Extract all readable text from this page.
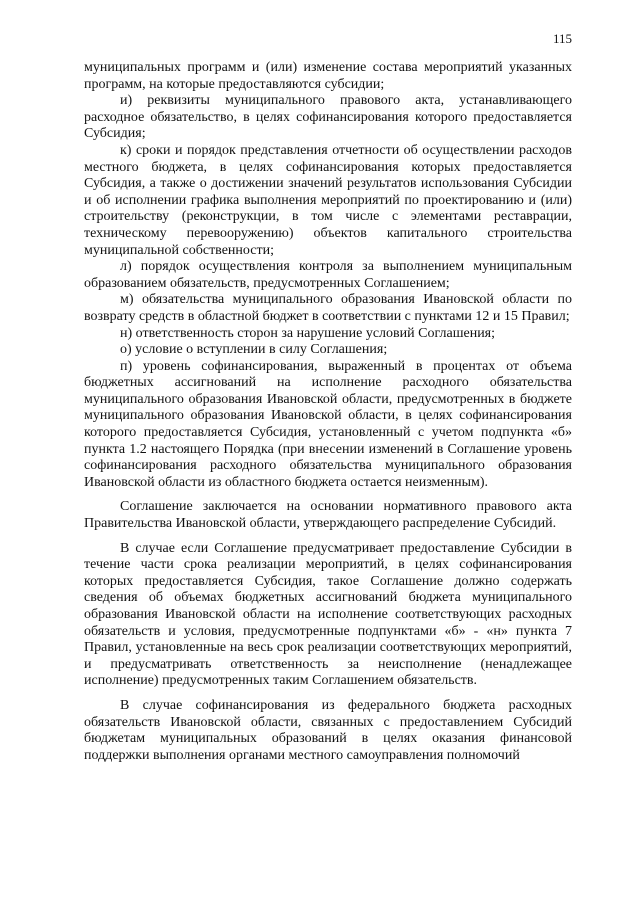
115

муниципальных программ и (или) изменение состава мероприятий указанных программ, на которые предоставляются субсидии;

и) реквизиты муниципального правового акта, устанавливающего расходное обязательство, в целях софинансирования которого предоставляется Субсидия;

к) сроки и порядок представления отчетности об осуществлении расходов местного бюджета, в целях софинансирования которых предоставляется Субсидия, а также о достижении значений результатов использования Субсидии и об исполнении графика выполнения мероприятий по проектированию и (или) строительству (реконструкции, в том числе с элементами реставрации, техническому перевооружению) объектов капитального строительства муниципальной собственности;

л) порядок осуществления контроля за выполнением муниципальным образованием обязательств, предусмотренных Соглашением;

м) обязательства муниципального образования Ивановской области по возврату средств в областной бюджет в соответствии с пунктами 12 и 15 Правил;

н) ответственность сторон за нарушение условий Соглашения;

о) условие о вступлении в силу Соглашения;

п) уровень софинансирования, выраженный в процентах от объема бюджетных ассигнований на исполнение расходного обязательства муниципального образования Ивановской области, предусмотренных в бюджете муниципального образования Ивановской области, в целях софинансирования которого предоставляется Субсидия, установленный с учетом подпункта «б» пункта 1.2 настоящего Порядка (при внесении изменений в Соглашение уровень софинансирования расходного обязательства муниципального образования Ивановской области из областного бюджета остается неизменным).

Соглашение заключается на основании нормативного правового акта Правительства Ивановской области, утверждающего распределение Субсидий.

В случае если Соглашение предусматривает предоставление Субсидии в течение части срока реализации мероприятий, в целях софинансирования которых предоставляется Субсидия, такое Соглашение должно содержать сведения об объемах бюджетных ассигнований бюджета муниципального образования Ивановской области на исполнение соответствующих расходных обязательств и условия, предусмотренные подпунктами «б» - «н» пункта 7 Правил, установленные на весь срок реализации соответствующих мероприятий, и предусматривать ответственность за неисполнение (ненадлежащее исполнение) предусмотренных таким Соглашением обязательств.

В случае софинансирования из федерального бюджета расходных обязательств Ивановской области, связанных с предоставлением Субсидий бюджетам муниципальных образований в целях оказания финансовой поддержки выполнения органами местного самоуправления полномочий
